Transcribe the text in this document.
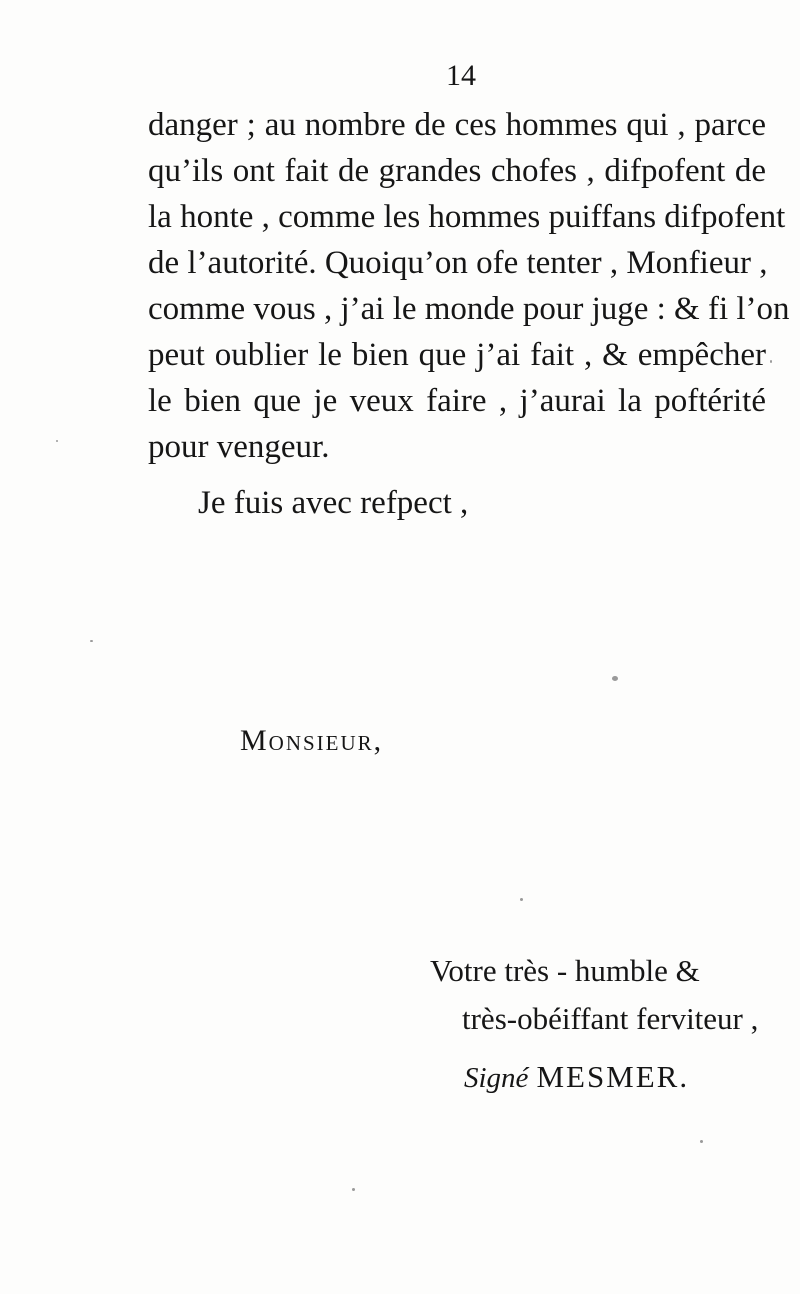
14
danger ; au nombre de ces hommes qui , parce
qu’ils ont fait de grandes chofes , difpofent de
la honte , comme les hommes puiffans difpofent
de l’autorité. Quoiqu’on ofe tenter , Monfieur ,
comme vous , j’ai le monde pour juge : & fi l’on
peut oublier le bien que j’ai fait , & empêcher
le bien que je veux faire , j’aurai la poftérité
pour vengeur.
Je fuis avec refpect ,
Monsieur,
Votre très - humble &
très-obéiffant ferviteur ,
Signé MESMER.
